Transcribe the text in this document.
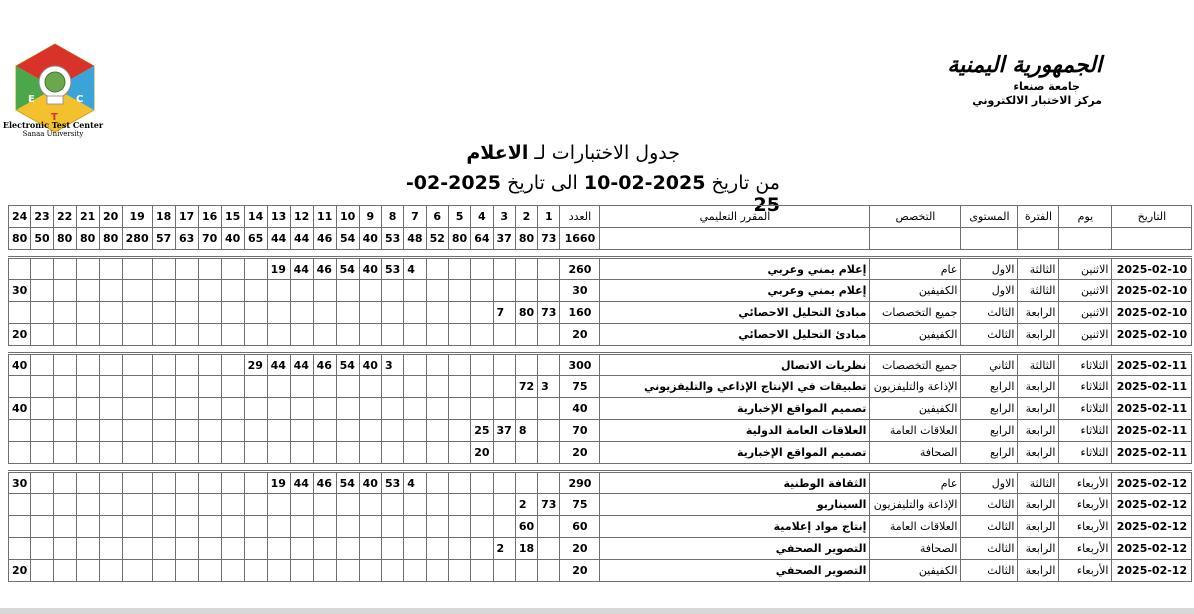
E
T
C
Electronic Test Center
Sanaa University
الجمهورية اليمنية
جامعة صنعاء
مركز الاختبار الالكتروني
جدول الاختبارات لـ الاعلام
من تاريخ 2025-02-10 الى تاريخ 2025-02-25
التاريخ	يوم	الفترة	المستوى	التخصص	المقرر التعليمي	العدد	1	2	3	4	5	6	7	8	9	10	11	12	13	14	15	16	17	18	19	20	21	22	23	24
						1660	73	80	37	64	80	52	48	53	40	54	46	44	44	65	40	70	63	57	280	80	80	80	50	80

2025-02-10	الاثنين	الثالثة	الاول	عام	إعلام يمني وعربي	260							4	53	40	54	46	44	19											
2025-02-10	الاثنين	الثالثة	الاول	الكفيفين	إعلام يمني وعربي	30																								30
2025-02-10	الاثنين	الرابعة	الثالث	جميع التخصصات	مبادئ التحليل الاحصائي	160	73	80	7																					
2025-02-10	الاثنين	الرابعة	الثالث	الكفيفين	مبادئ التحليل الاحصائي	20																								20

2025-02-11	الثلاثاء	الثالثة	الثاني	جميع التخصصات	نظريات الاتصال	300								3	40	54	46	44	44	29										40
2025-02-11	الثلاثاء	الرابعة	الرابع	الإذاعة والتليفزيون	تطبيقات في الإنتاج الإذاعي والتليفزيوني	75	3	72																						
2025-02-11	الثلاثاء	الرابعة	الرابع	الكفيفين	تصميم المواقع الإخبارية	40																								40
2025-02-11	الثلاثاء	الرابعة	الرابع	العلاقات العامة	العلاقات العامة الدولية	70		8	37	25																				
2025-02-11	الثلاثاء	الرابعة	الرابع	الصحافة	تصميم المواقع الإخبارية	20				20																				

2025-02-12	الأربعاء	الثالثة	الاول	عام	الثقافة الوطنية	290							4	53	40	54	46	44	19											30
2025-02-12	الأربعاء	الرابعة	الثالث	الإذاعة والتليفزيون	السيناريو	75	73	2																						
2025-02-12	الأربعاء	الرابعة	الثالث	العلاقات العامة	إنتاج مواد إعلامية	60		60																						
2025-02-12	الأربعاء	الرابعة	الثالث	الصحافة	التصوير الصحفي	20		18	2																					
2025-02-12	الأربعاء	الرابعة	الثالث	الكفيفين	التصوير الصحفي	20																								20
